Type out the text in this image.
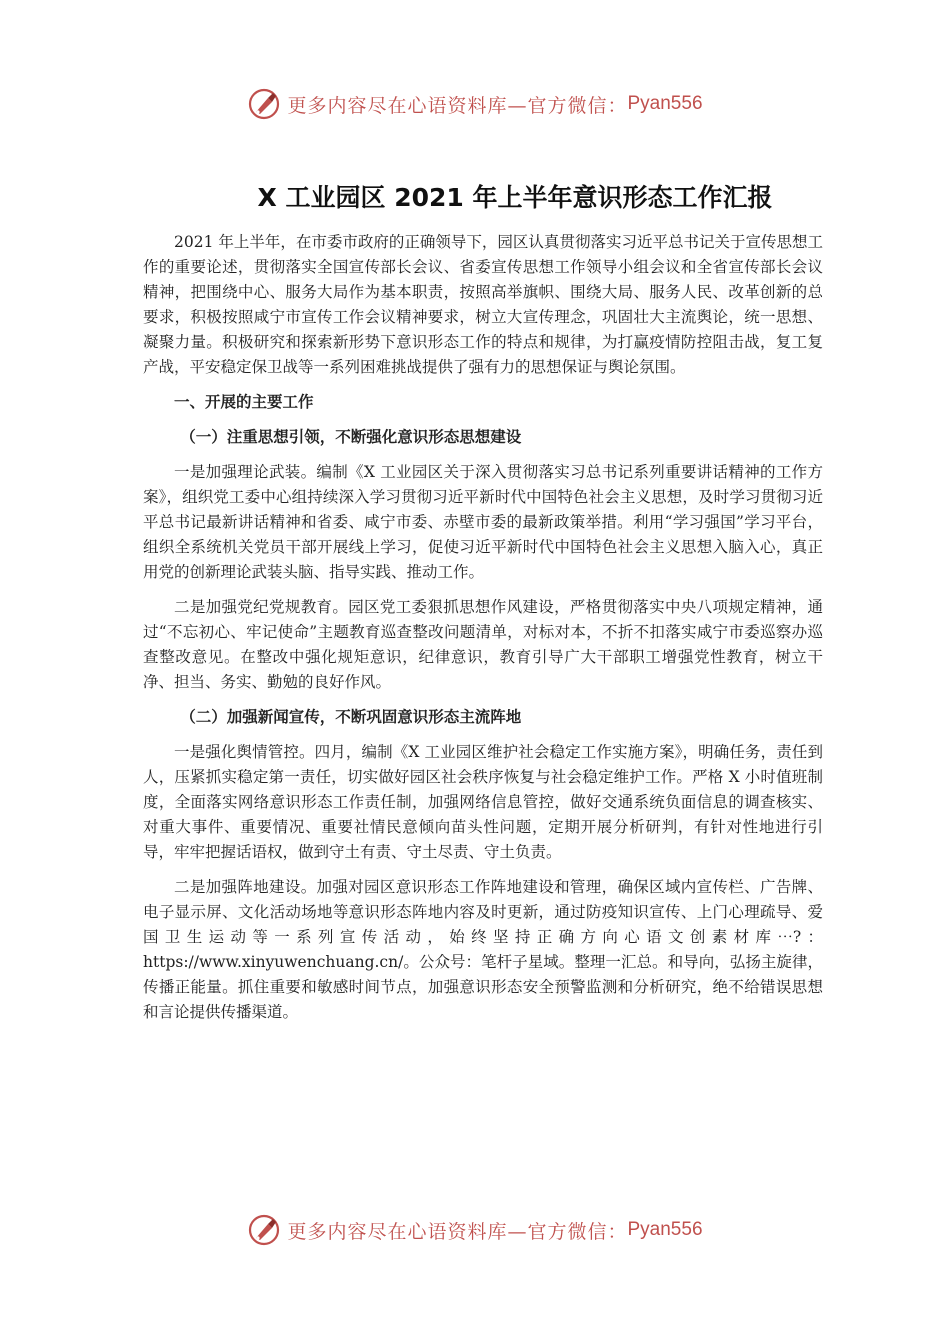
更多内容尽在心语资料库—官方微信： Pyan556
X 工业园区 2021 年上半年意识形态工作汇报

2021 年上半年，在市委市政府的正确领导下，园区认真贯彻落实习近平总书记关于宣传思想工作的重要论述，贯彻落实全国宣传部长会议、省委宣传思想工作领导小组会议和全省宣传部长会议精神，把围绕中心、服务大局作为基本职责，按照高举旗帜、围绕大局、服务人民、改革创新的总要求，积极按照咸宁市宣传工作会议精神要求，树立大宣传理念，巩固壮大主流舆论，统一思想、凝聚力量。积极研究和探索新形势下意识形态工作的特点和规律，为打赢疫情防控阻击战，复工复产战，平安稳定保卫战等一系列困难挑战提供了强有力的思想保证与舆论氛围。

一、开展的主要工作
（一）注重思想引领，不断强化意识形态思想建设

一是加强理论武装。编制《X 工业园区关于深入贯彻落实习总书记系列重要讲话精神的工作方案》，组织党工委中心组持续深入学习贯彻习近平新时代中国特色社会主义思想，及时学习贯彻习近平总书记最新讲话精神和省委、咸宁市委、赤壁市委的最新政策举措。利用“学习强国”学习平台，组织全系统机关党员干部开展线上学习，促使习近平新时代中国特色社会主义思想入脑入心，真正用党的创新理论武装头脑、指导实践、推动工作。

二是加强党纪党规教育。园区党工委狠抓思想作风建设，严格贯彻落实中央八项规定精神，通过“不忘初心、牢记使命”主题教育巡查整改问题清单，对标对本，不折不扣落实咸宁市委巡察办巡查整改意见。在整改中强化规矩意识，纪律意识，教育引导广大干部职工增强党性教育，树立干净、担当、务实、勤勉的良好作风。

（二）加强新闻宣传，不断巩固意识形态主流阵地

一是强化舆情管控。四月，编制《X 工业园区维护社会稳定工作实施方案》，明确任务，责任到人，压紧抓实稳定第一责任，切实做好园区社会秩序恢复与社会稳定维护工作。严格 X 小时值班制度，全面落实网络意识形态工作责任制，加强网络信息管控，做好交通系统负面信息的调查核实、对重大事件、重要情况、重要社情民意倾向苗头性问题，定期开展分析研判，有针对性地进行引导，牢牢把握话语权，做到守土有责、守土尽责、守土负责。

二是加强阵地建设。加强对园区意识形态工作阵地建设和管理，确保区域内宣传栏、广告牌、电子显示屏、文化活动场地等意识形态阵地内容及时更新，通过防疫知识宣传、上门心理疏导、爱国卫生运动等一系列宣传活动，始终坚持正确方向心语文创素材库⋯?：https://www.xinyuwenchuang.cn/。公众号：笔杆子星域。整理一汇总。和导向，弘扬主旋律，传播正能量。抓住重要和敏感时间节点，加强意识形态安全预警监测和分析研究，绝不给错误思想和言论提供传播渠道。

更多内容尽在心语资料库—官方微信： Pyan556
